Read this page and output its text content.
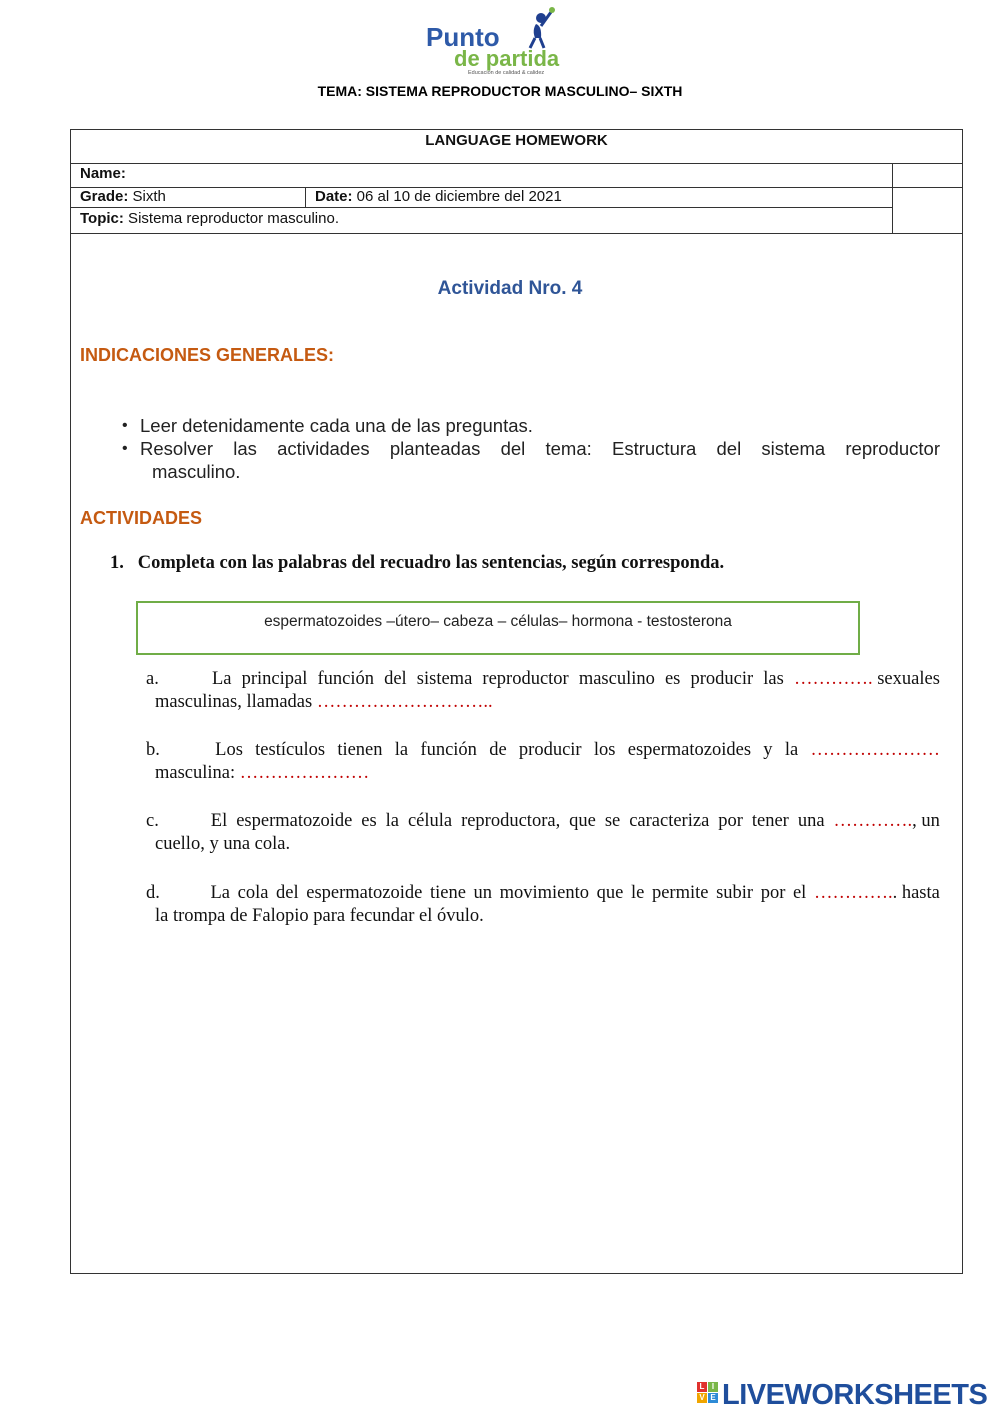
Punto
de partida
Educación de calidad & calidez
TEMA: SISTEMA REPRODUCTOR MASCULINO– SIXTH
LANGUAGE HOMEWORK
Name:
Grade: Sixth	Date: 06 al 10 de diciembre del 2021
Topic: Sistema reproductor masculino.
Actividad Nro. 4
INDICACIONES GENERALES:
• Leer detenidamente cada una de las preguntas.
• Resolver las actividades planteadas del tema: Estructura del sistema reproductor
masculino.
ACTIVIDADES
1.   Completa con las palabras del recuadro las sentencias, según corresponda.
espermatozoides –útero– cabeza – células– hormona - testosterona
a.	La principal función del sistema reproductor masculino es producir las …………. sexuales
masculinas, llamadas ………………………..
b.	Los testículos tienen la función de producir los espermatozoides y la …………………
masculina: …………………
c.	El espermatozoide es la célula reproductora, que se caracteriza por tener una …………., un
cuello, y una cola.
d.	La cola del espermatozoide tiene un movimiento que le permite subir por el ………….. hasta
la trompa de Falopio para fecundar el óvulo.
L I
V E LIVEWORKSHEETS
